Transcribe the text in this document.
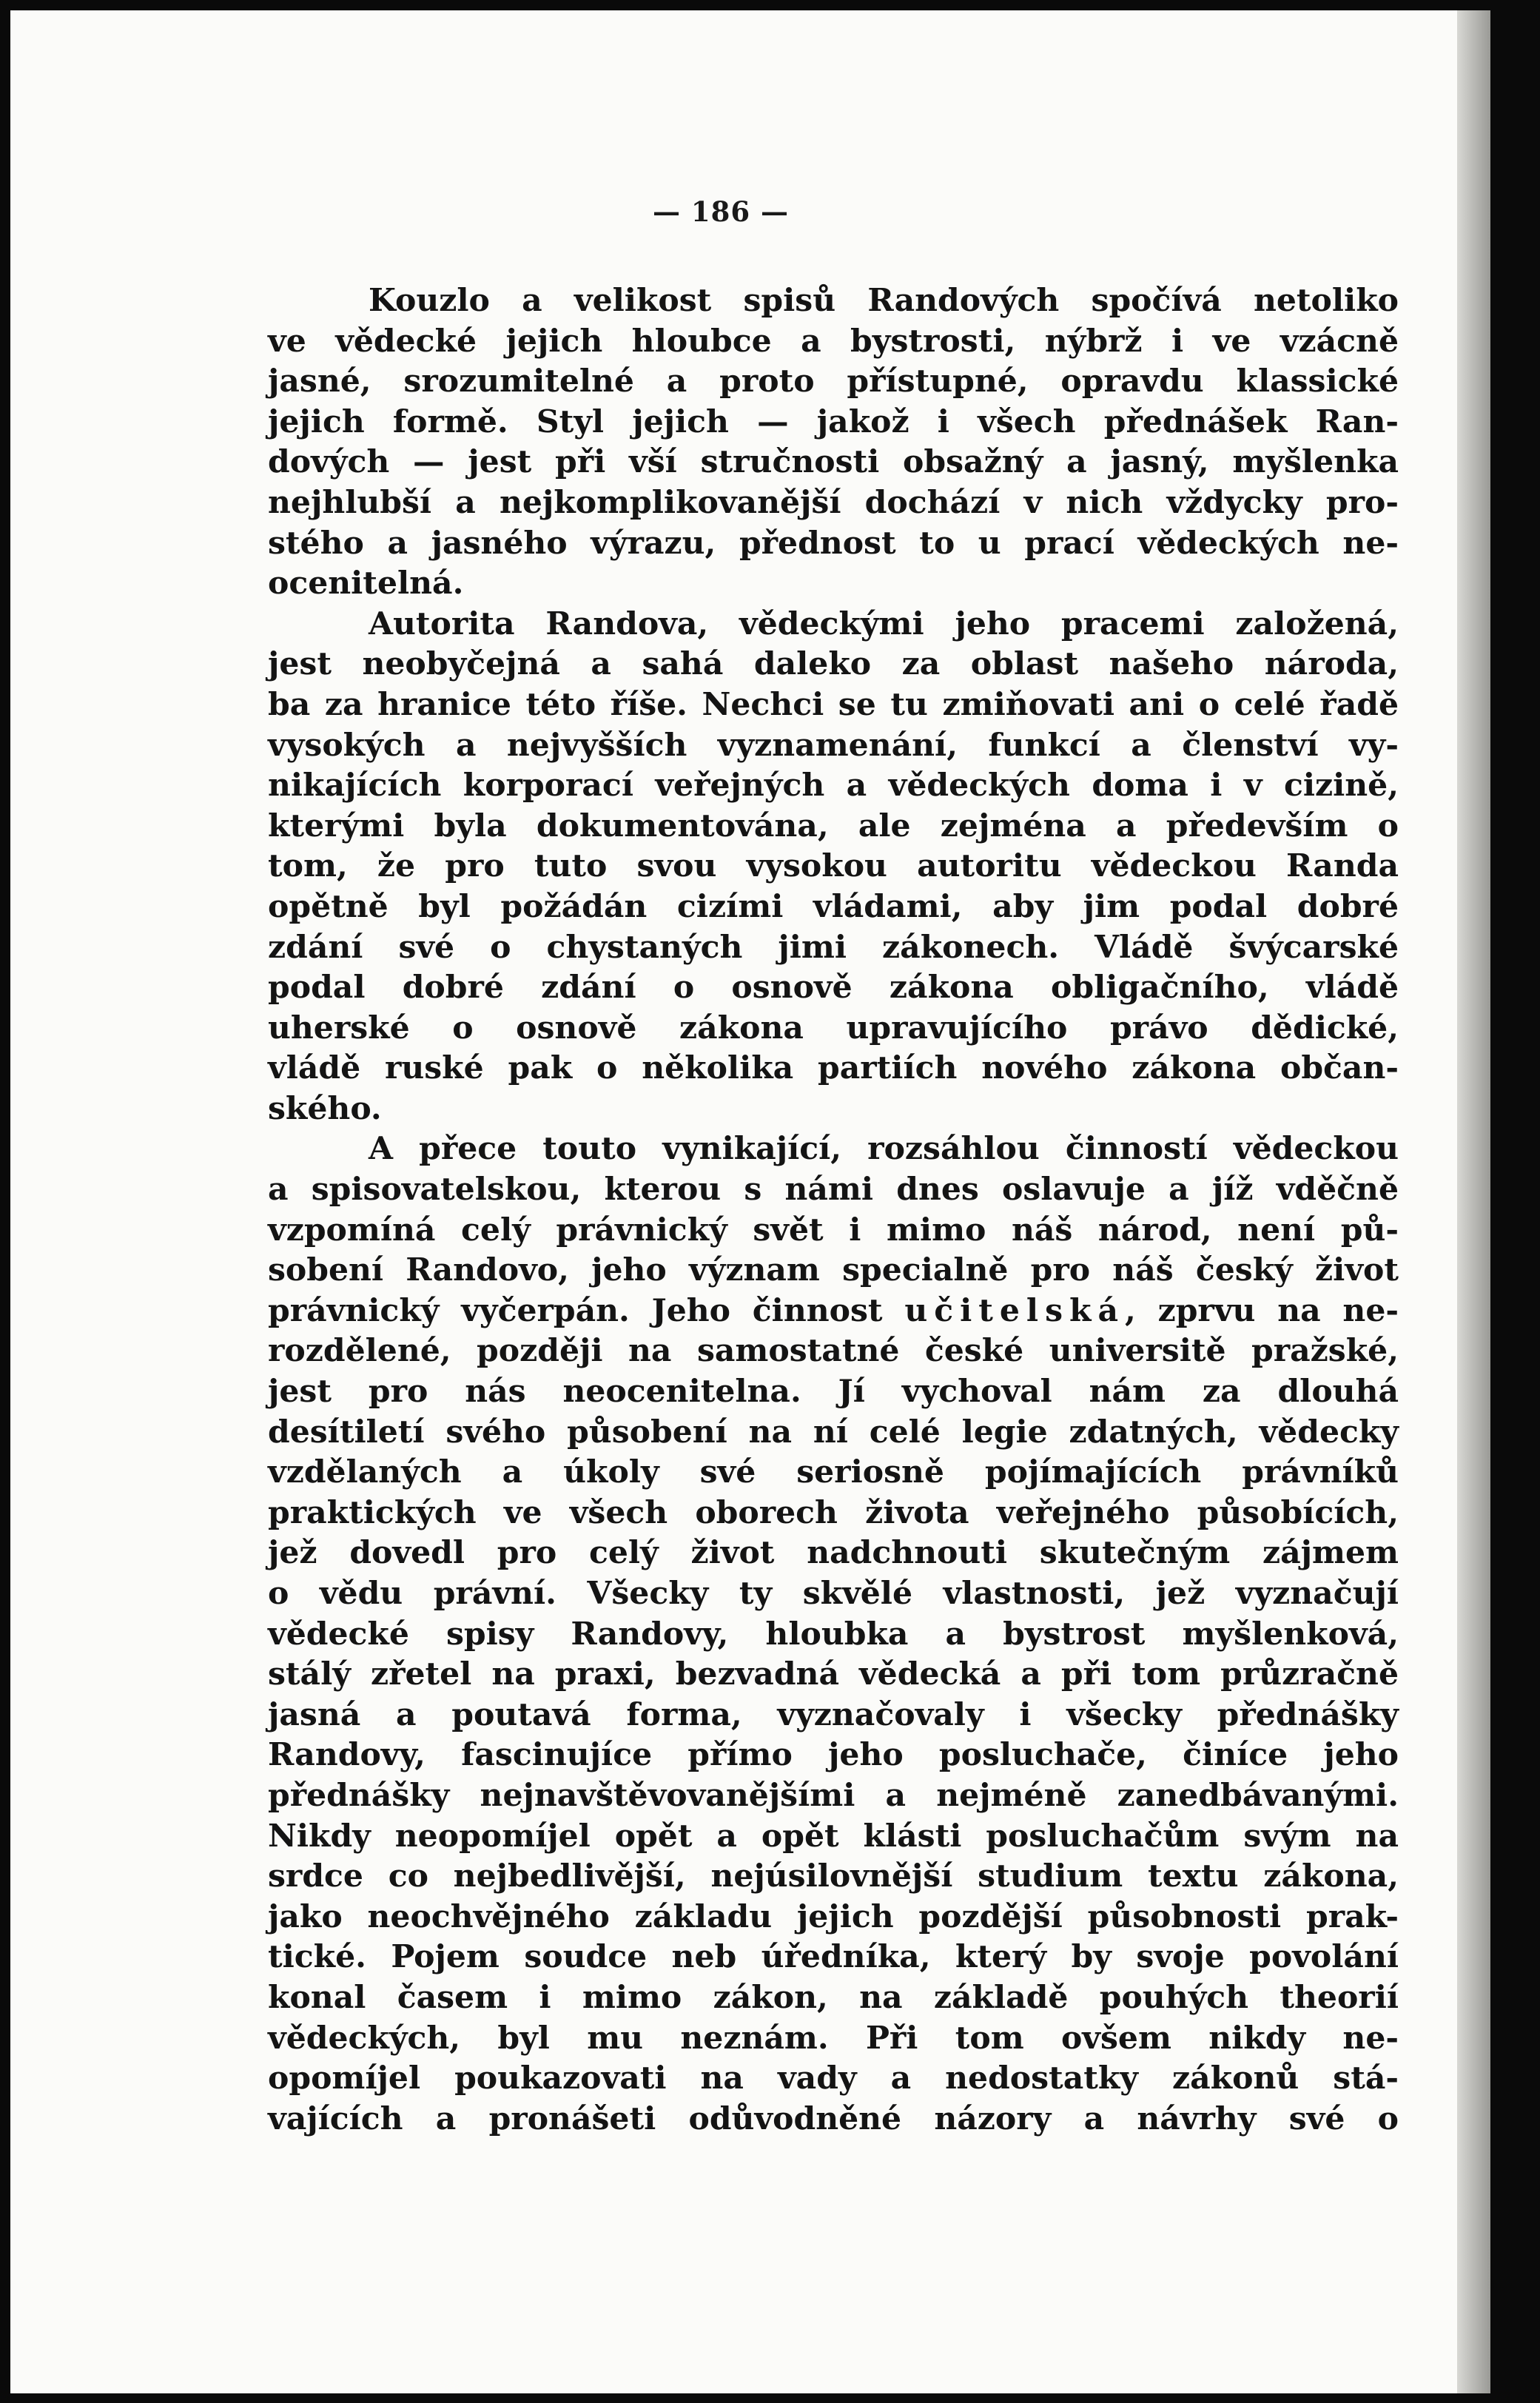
— 186 —
Kouzlo a velikost spisů Randových spočívá netoliko
ve vědecké jejich hloubce a bystrosti, nýbrž i ve vzácně
jasné, srozumitelné a proto přístupné, opravdu klassické
jejich formě. Styl jejich — jakož i všech přednášek Ran-
dových — jest při vší stručnosti obsažný a jasný, myšlenka
nejhlubší a nejkomplikovanější dochází v nich vždycky pro-
stého a jasného výrazu, přednost to u prací vědeckých ne-
ocenitelná.
Autorita Randova, vědeckými jeho pracemi založená,
jest neobyčejná a sahá daleko za oblast našeho národa,
ba za hranice této říše. Nechci se tu zmiňovati ani o celé řadě
vysokých a nejvyšších vyznamenání, funkcí a členství vy-
nikajících korporací veřejných a vědeckých doma i v cizině,
kterými byla dokumentována, ale zejména a především o
tom, že pro tuto svou vysokou autoritu vědeckou Randa
opětně byl požádán cizími vládami, aby jim podal dobré
zdání své o chystaných jimi zákonech. Vládě švýcarské
podal dobré zdání o osnově zákona obligačního, vládě
uherské o osnově zákona upravujícího právo dědické,
vládě ruské pak o několika partiích nového zákona občan-
ského.
A přece touto vynikající, rozsáhlou činností vědeckou
a spisovatelskou, kterou s námi dnes oslavuje a jíž vděčně
vzpomíná celý právnický svět i mimo náš národ, není pů-
sobení Randovo, jeho význam specialně pro náš český život
právnický vyčerpán. Jeho činnost učitelská, zprvu na ne-
rozdělené, později na samostatné české universitě pražské,
jest pro nás neocenitelna. Jí vychoval nám za dlouhá
desítiletí svého působení na ní celé legie zdatných, vědecky
vzdělaných a úkoly své seriosně pojímajících právníků
praktických ve všech oborech života veřejného působících,
jež dovedl pro celý život nadchnouti skutečným zájmem
o vědu právní. Všecky ty skvělé vlastnosti, jež vyznačují
vědecké spisy Randovy, hloubka a bystrost myšlenková,
stálý zřetel na praxi, bezvadná vědecká a při tom průzračně
jasná a poutavá forma, vyznačovaly i všecky přednášky
Randovy, fascinujíce přímo jeho posluchače, činíce jeho
přednášky nejnavštěvovanějšími a nejméně zanedbávanými.
Nikdy neopomíjel opět a opět klásti posluchačům svým na
srdce co nejbedlivější, nejúsilovnější studium textu zákona,
jako neochvějného základu jejich pozdější působnosti prak-
tické. Pojem soudce neb úředníka, který by svoje povolání
konal časem i mimo zákon, na základě pouhých theorií
vědeckých, byl mu neznám. Při tom ovšem nikdy ne-
opomíjel poukazovati na vady a nedostatky zákonů stá-
vajících a pronášeti odůvodněné názory a návrhy své o
